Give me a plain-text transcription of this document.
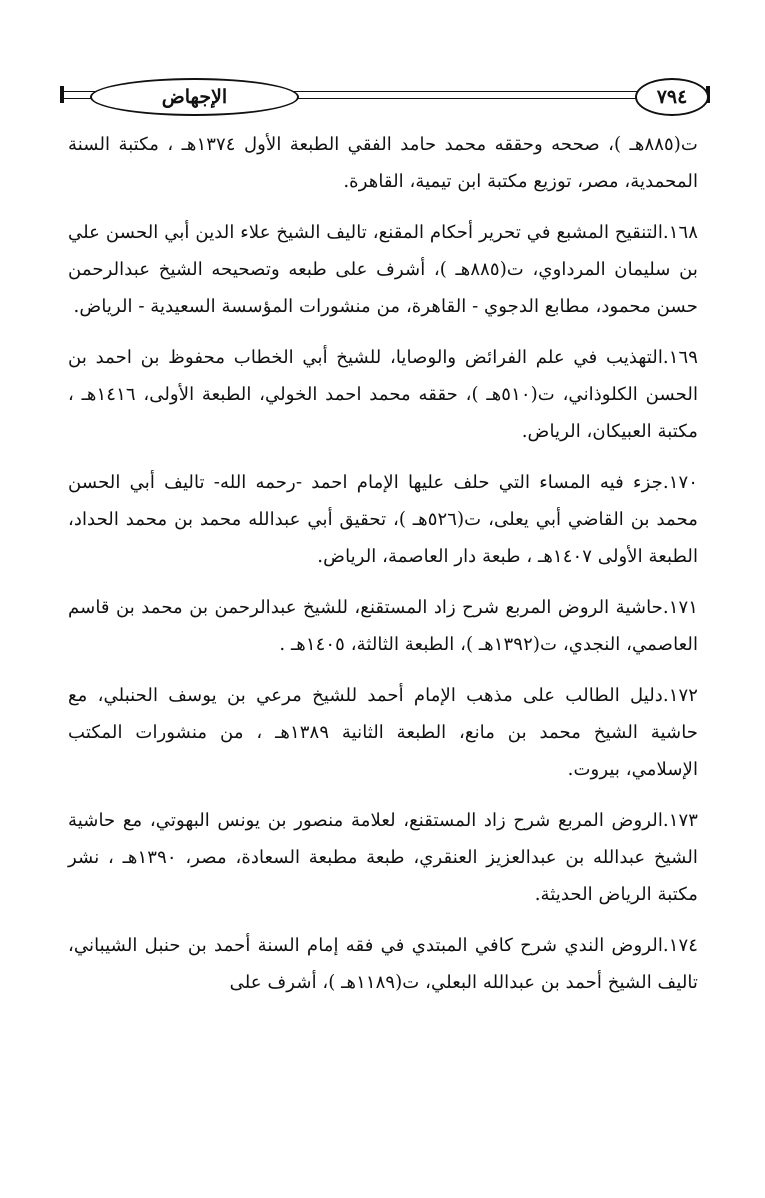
الإجهاض	٧٩٤

ت(٨٨٥هـ )، صححه وحققه محمد حامد الفقي الطبعة الأول ١٣٧٤هـ ، مكتبة السنة المحمدية، مصر، توزيع مكتبة ابن تيمية، القاهرة.

١٦٨.التنقيح المشبع في تحرير أحكام المقنع، تاليف الشيخ علاء الدين أبي الحسن علي بن سليمان المرداوي، ت(٨٨٥هـ )، أشرف على طبعه وتصحيحه الشيخ عبدالرحمن حسن محمود، مطابع الدجوي - القاهرة، من منشورات المؤسسة السعيدية - الرياض.

١٦٩.التهذيب في علم الفرائض والوصايا، للشيخ أبي الخطاب محفوظ بن احمد بن الحسن الكلوذاني، ت(٥١٠هـ )، حققه محمد احمد الخولي، الطبعة الأولى، ١٤١٦هـ ، مكتبة العبيكان، الرياض.

١٧٠.جزء فيه المساء التي حلف عليها الإمام احمد -رحمه الله- تاليف أبي الحسن محمد بن القاضي أبي يعلى، ت(٥٢٦هـ )، تحقيق أبي عبدالله محمد بن محمد الحداد، الطبعة الأولى ١٤٠٧هـ ، طبعة دار العاصمة، الرياض.

١٧١.حاشية الروض المربع شرح زاد المستقنع، للشيخ عبدالرحمن بن محمد بن قاسم العاصمي، النجدي، ت(١٣٩٢هـ )، الطبعة الثالثة، ١٤٠٥هـ .

١٧٢.دليل الطالب على مذهب الإمام أحمد للشيخ مرعي بن يوسف الحنبلي، مع حاشية الشيخ محمد بن مانع، الطبعة الثانية ١٣٨٩هـ ، من منشورات المكتب الإسلامي، بيروت.

١٧٣.الروض المربع شرح زاد المستقنع، لعلامة منصور بن يونس البهوتي، مع حاشية الشيخ عبدالله بن عبدالعزيز العنقري، طبعة مطبعة السعادة، مصر، ١٣٩٠هـ ، نشر مكتبة الرياض الحديثة.

١٧٤.الروض الندي شرح كافي المبتدي في فقه إمام السنة أحمد بن حنبل الشيباني، تاليف الشيخ أحمد بن عبدالله البعلي، ت(١١٨٩هـ )، أشرف على
